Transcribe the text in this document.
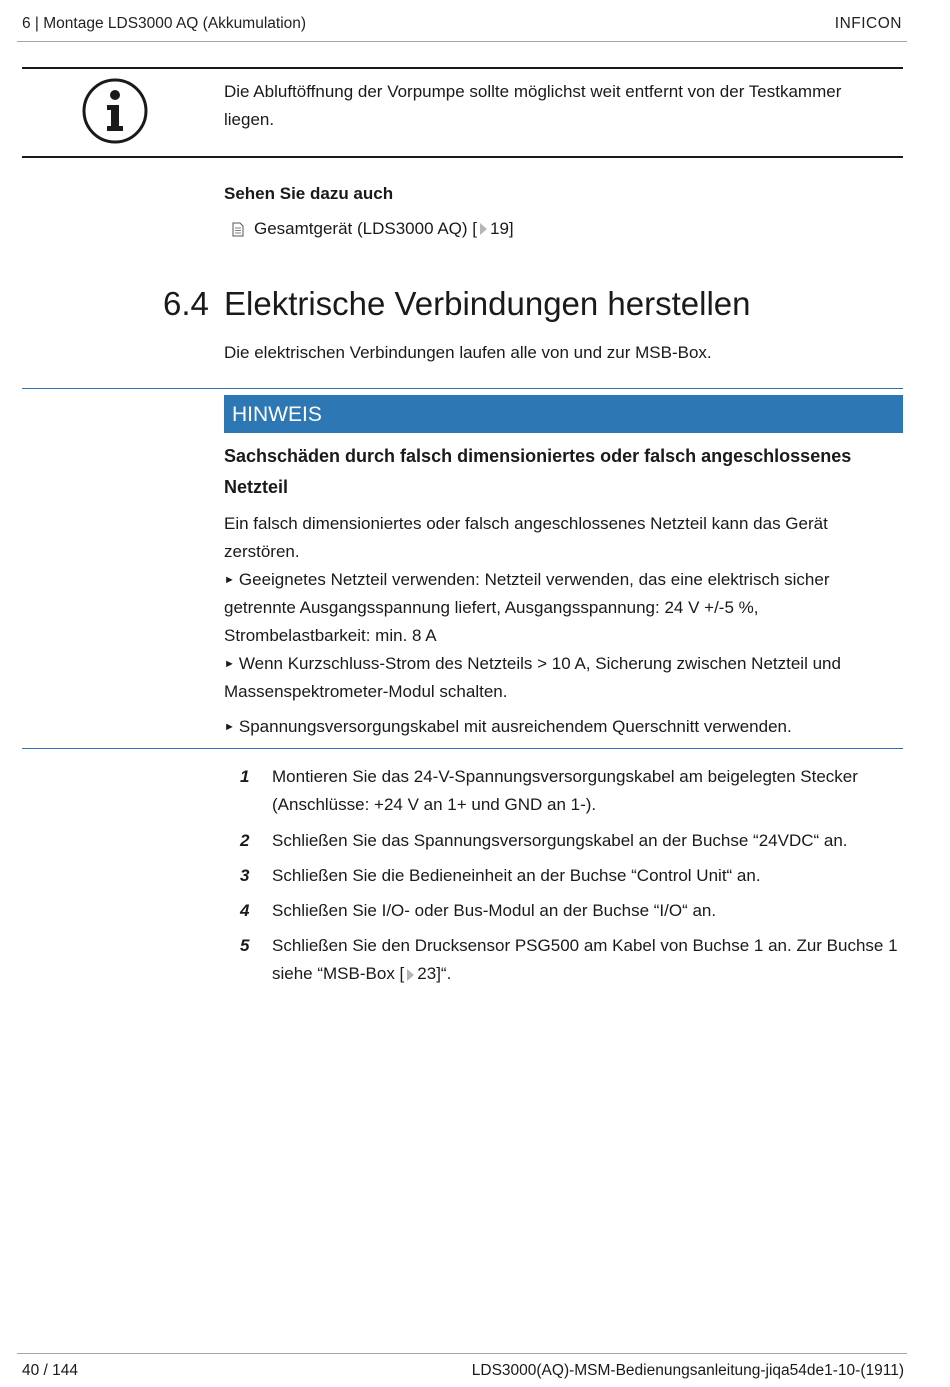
6 | Montage LDS3000 AQ (Akkumulation)	INFICON
Die Abluftöffnung der Vorpumpe sollte möglichst weit entfernt von der Testkammer liegen.
Sehen Sie dazu auch
Gesamtgerät (LDS3000 AQ) [ 19 ]
6.4 Elektrische Verbindungen herstellen
Die elektrischen Verbindungen laufen alle von und zur MSB-Box.
HINWEIS
Sachschäden durch falsch dimensioniertes oder falsch angeschlossenes Netzteil
Ein falsch dimensioniertes oder falsch angeschlossenes Netzteil kann das Gerät zerstören.
► Geeignetes Netzteil verwenden: Netzteil verwenden, das eine elektrisch sicher getrennte Ausgangsspannung liefert, Ausgangsspannung: 24 V +/-5 %, Strombelastbarkeit: min. 8 A
► Wenn Kurzschluss-Strom des Netzteils > 10 A, Sicherung zwischen Netzteil und Massenspektrometer-Modul schalten.
► Spannungsversorgungskabel mit ausreichendem Querschnitt verwenden.
1	Montieren Sie das 24-V-Spannungsversorgungskabel am beigelegten Stecker (Anschlüsse: +24 V an 1+ und GND an 1-).
2	Schließen Sie das Spannungsversorgungskabel an der Buchse “24VDC“ an.
3	Schließen Sie die Bedieneinheit an der Buchse “Control Unit“ an.
4	Schließen Sie I/O- oder Bus-Modul an der Buchse “I/O“ an.
5	Schließen Sie den Drucksensor PSG500 am Kabel von Buchse 1 an. Zur Buchse 1 siehe “MSB-Box [ 23]“.
40 / 144	LDS3000(AQ)-MSM-Bedienungsanleitung-jiqa54de1-10-(1911)
